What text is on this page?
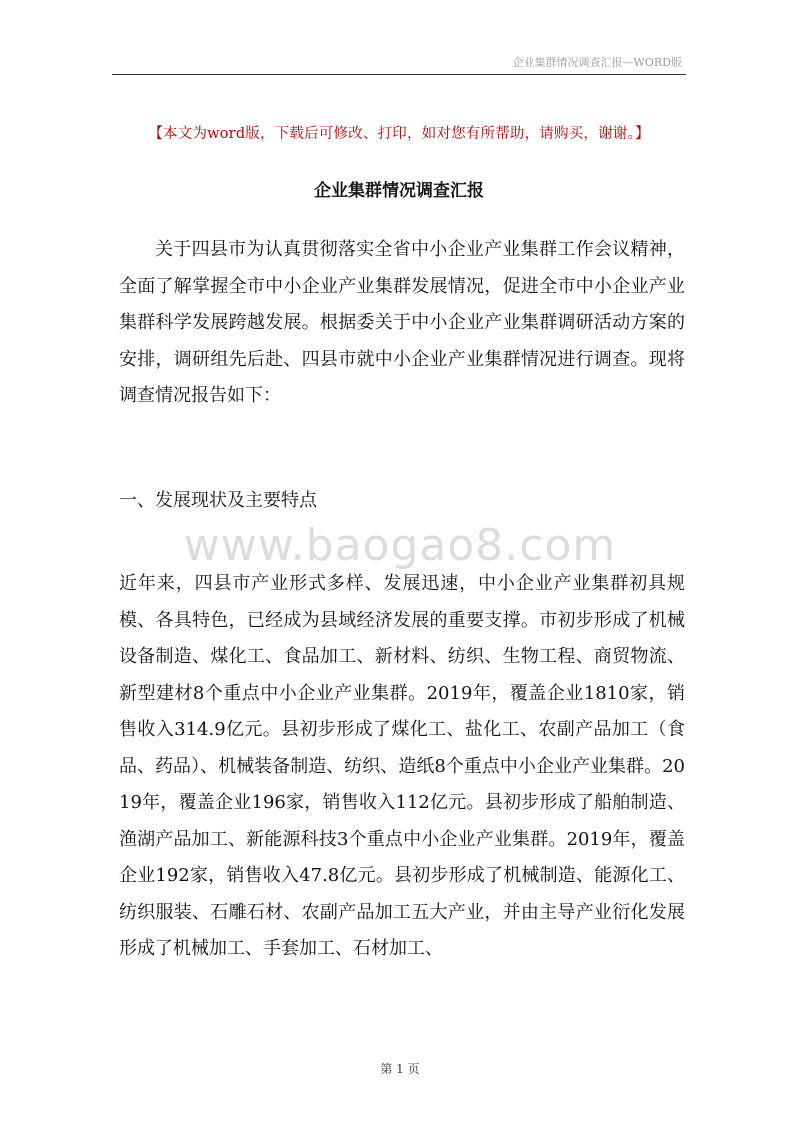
企业集群情况调查汇报—WORD版
【本文为word版，下载后可修改、打印，如对您有所帮助，请购买，谢谢。】
企业集群情况调查汇报
关于四县市为认真贯彻落实全省中小企业产业集群工作会议精神，全面了解掌握全市中小企业产业集群发展情况，促进全市中小企业产业集群科学发展跨越发展。根据委关于中小企业产业集群调研活动方案的安排，调研组先后赴、四县市就中小企业产业集群情况进行调查。现将调查情况报告如下：
一、发展现状及主要特点
www.baogao8.com
近年来，四县市产业形式多样、发展迅速，中小企业产业集群初具规模、各具特色，已经成为县域经济发展的重要支撑。市初步形成了机械设备制造、煤化工、食品加工、新材料、纺织、生物工程、商贸物流、新型建材8个重点中小企业产业集群。2019年，覆盖企业1810家，销售收入314.9亿元。县初步形成了煤化工、盐化工、农副产品加工（食品、药品）、机械装备制造、纺织、造纸8个重点中小企业产业集群。2019年，覆盖企业196家，销售收入112亿元。县初步形成了船舶制造、渔湖产品加工、新能源科技3个重点中小企业产业集群。2019年，覆盖企业192家，销售收入47.8亿元。县初步形成了机械制造、能源化工、纺织服装、石雕石材、农副产品加工五大产业，并由主导产业衍化发展形成了机械加工、手套加工、石材加工、
第 1 页
